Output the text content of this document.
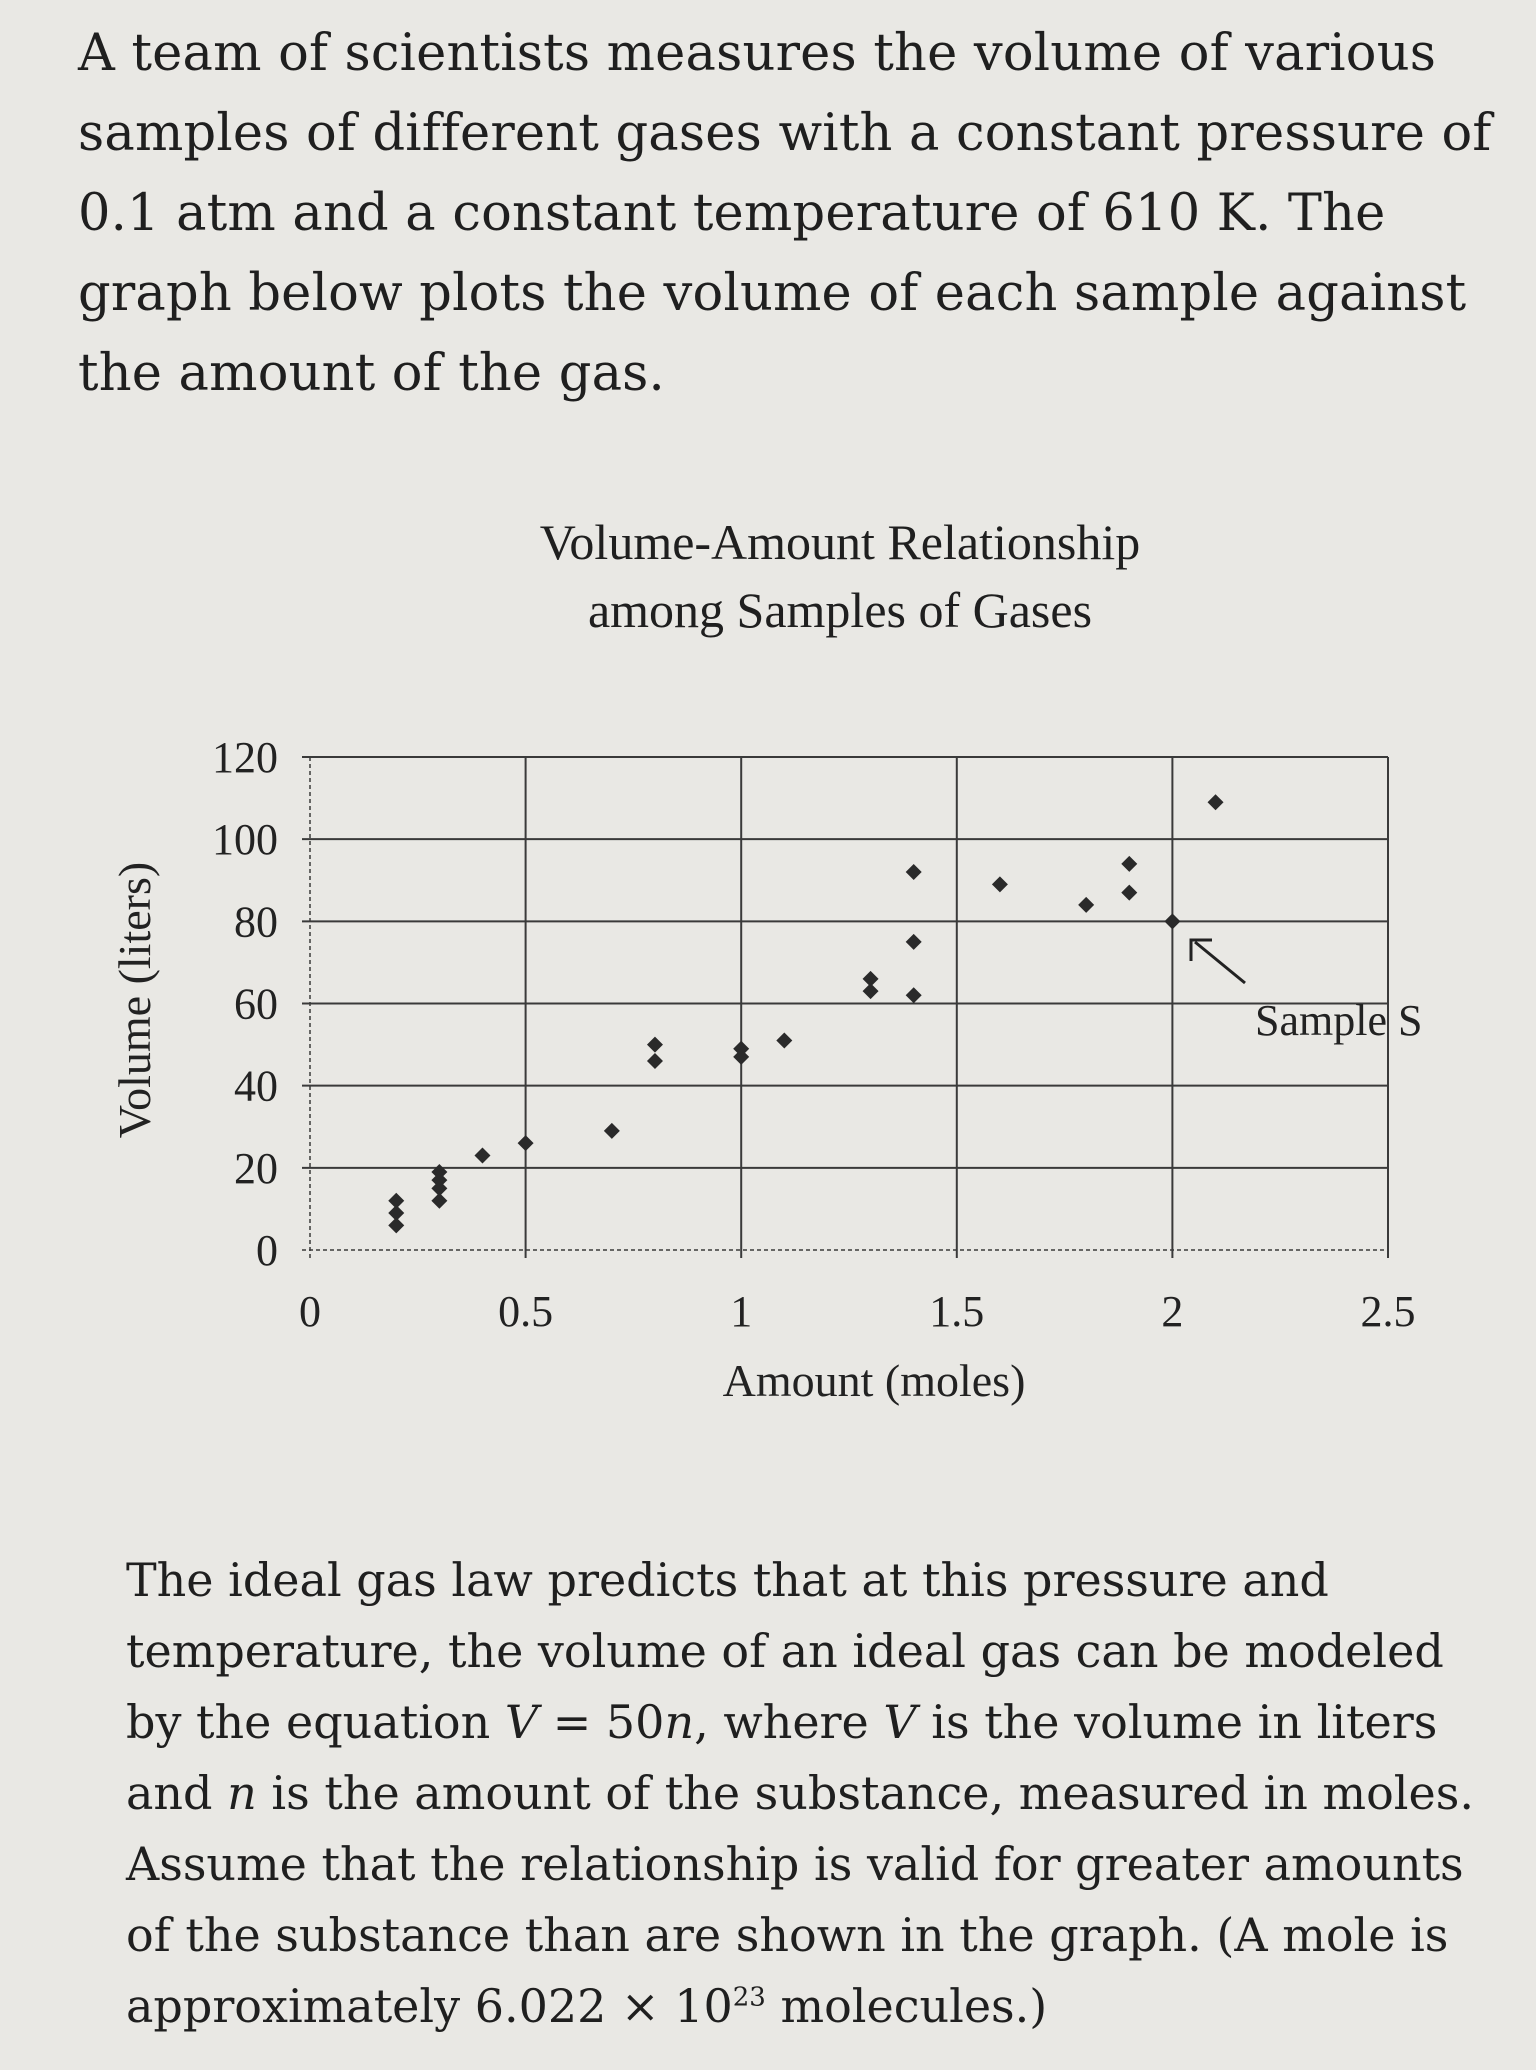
A team of scientists measures the volume of various samples of different gases with a constant pressure of 0.1 atm and a constant temperature of 610 K. The graph below plots the volume of each sample against the amount of the gas.

Volume-Amount Relationship
among Samples of Gases
0
20
40
60
80
100
120
0	0.5	1	1.5	2	2.5
Sample S
Amount (moles)
Volume (liters)

The ideal gas law predicts that at this pressure and temperature, the volume of an ideal gas can be modeled by the equation V = 50n, where V is the volume in liters and n is the amount of the substance, measured in moles. Assume that the relationship is valid for greater amounts of the substance than are shown in the graph. (A mole is approximately $6.022 \times 10^{23}$ molecules.)
